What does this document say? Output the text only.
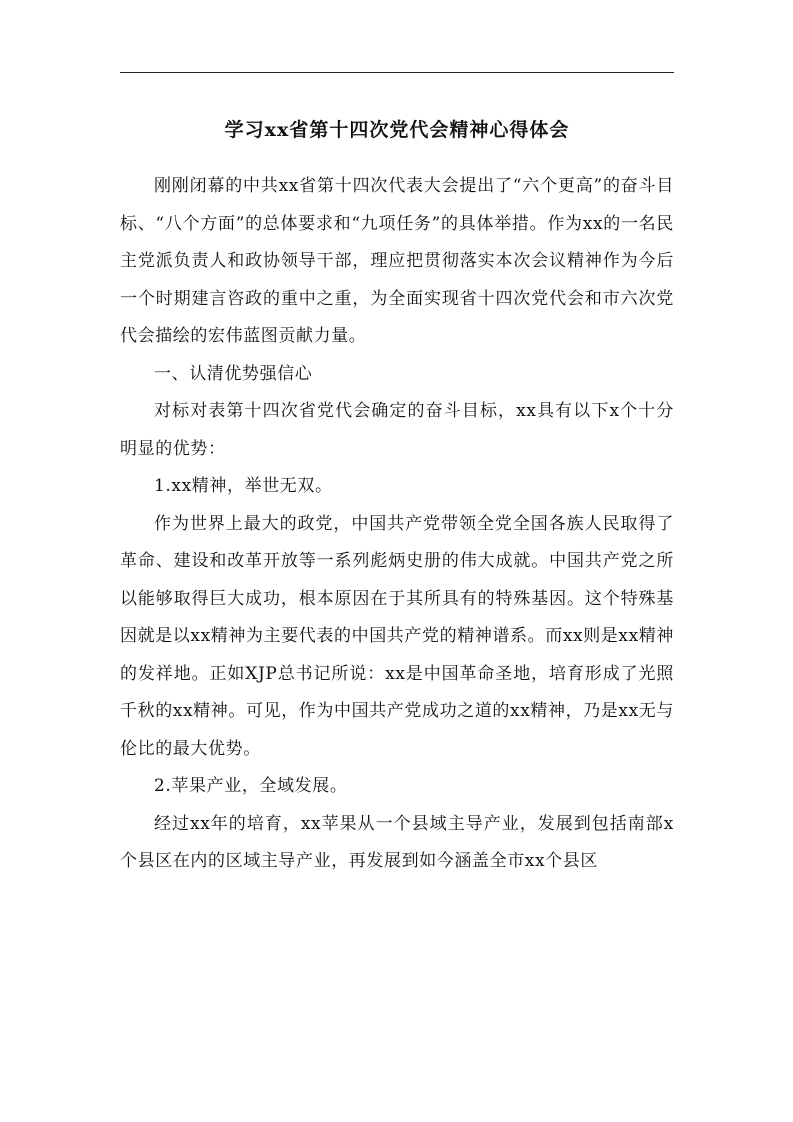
学习xx省第十四次党代会精神心得体会

刚刚闭幕的中共xx省第十四次代表大会提出了“六个更高”的奋斗目标、“八个方面”的总体要求和“九项任务”的具体举措。作为xx的一名民主党派负责人和政协领导干部，理应把贯彻落实本次会议精神作为今后一个时期建言咨政的重中之重，为全面实现省十四次党代会和市六次党代会描绘的宏伟蓝图贡献力量。

一、认清优势强信心

对标对表第十四次省党代会确定的奋斗目标，xx具有以下x个十分明显的优势：

1.xx精神，举世无双。

作为世界上最大的政党，中国共产党带领全党全国各族人民取得了革命、建设和改革开放等一系列彪炳史册的伟大成就。中国共产党之所以能够取得巨大成功，根本原因在于其所具有的特殊基因。这个特殊基因就是以xx精神为主要代表的中国共产党的精神谱系。而xx则是xx精神的发祥地。正如XJP总书记所说：xx是中国革命圣地，培育形成了光照千秋的xx精神。可见，作为中国共产党成功之道的xx精神，乃是xx无与伦比的最大优势。

2.苹果产业，全域发展。

经过xx年的培育，xx苹果从一个县域主导产业，发展到包括南部x个县区在内的区域主导产业，再发展到如今涵盖全市xx个县区
